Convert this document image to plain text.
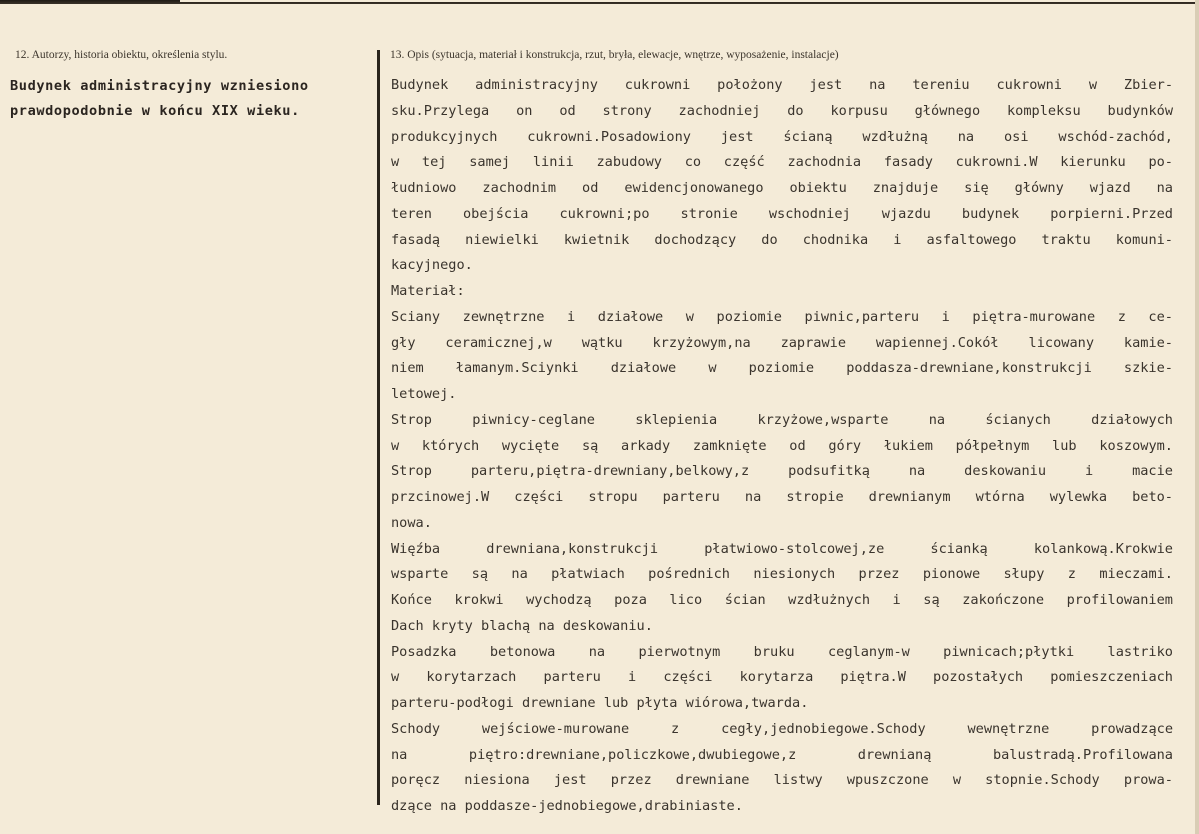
12. Autorzy, historia obiektu, określenia stylu.	13. Opis (sytuacja, materiał i konstrukcja, rzut, bryła, elewacje, wnętrze, wyposażenie, instalacje)
Budynek administracyjny wzniesiono
prawdopodobnie w końcu XIX wieku.
Budynek administracyjny cukrowni położony jest na tereniu cukrowni w Zbier-
sku.Przylega on od strony zachodniej do korpusu głównego kompleksu budynków
produkcyjnych cukrowni.Posadowiony jest ścianą wzdłużną na osi wschód-zachód,
w tej samej linii zabudowy co część zachodnia fasady cukrowni.W kierunku po-
łudniowo zachodnim od ewidencjonowanego obiektu znajduje się główny wjazd na
teren obejścia cukrowni;po stronie wschodniej wjazdu budynek porpierni.Przed
fasadą niewielki kwietnik dochodzący do chodnika i asfaltowego traktu komuni-
kacyjnego.
Materiał:
Sciany zewnętrzne i działowe w poziomie piwnic,parteru i piętra-murowane z ce-
gły ceramicznej,w wątku krzyżowym,na zaprawie wapiennej.Cokół licowany kamie-
niem łamanym.Sciynki działowe w poziomie poddasza-drewniane,konstrukcji szkie-
letowej.
Strop piwnicy-ceglane sklepienia krzyżowe,wsparte na ścianych działowych
w których wycięte są arkady zamknięte od góry łukiem półpełnym lub koszowym.
Strop parteru,piętra-drewniany,belkowy,z podsufitką na deskowaniu i macie
przcinowej.W części stropu parteru na stropie drewnianym wtórna wylewka beto-
nowa.
Więźba drewniana,konstrukcji płatwiowo-stolcowej,ze ścianką kolankową.Krokwie
wsparte są na płatwiach pośrednich niesionych przez pionowe słupy z mieczami.
Końce krokwi wychodzą poza lico ścian wzdłużnych i są zakończone profilowaniem
Dach kryty blachą na deskowaniu.
Posadzka betonowa na pierwotnym bruku ceglanym-w piwnicach;płytki lastriko
w korytarzach parteru i części korytarza piętra.W pozostałych pomieszczeniach
parteru-podłogi drewniane lub płyta wiórowa,twarda.
Schody wejściowe-murowane z cegły,jednobiegowe.Schody wewnętrzne prowadzące
na piętro:drewniane,policzkowe,dwubiegowe,z drewnianą balustradą.Profilowana
poręcz niesiona jest przez drewniane listwy wpuszczone w stopnie.Schody prowa-
dzące na poddasze-jednobiegowe,drabiniaste.
